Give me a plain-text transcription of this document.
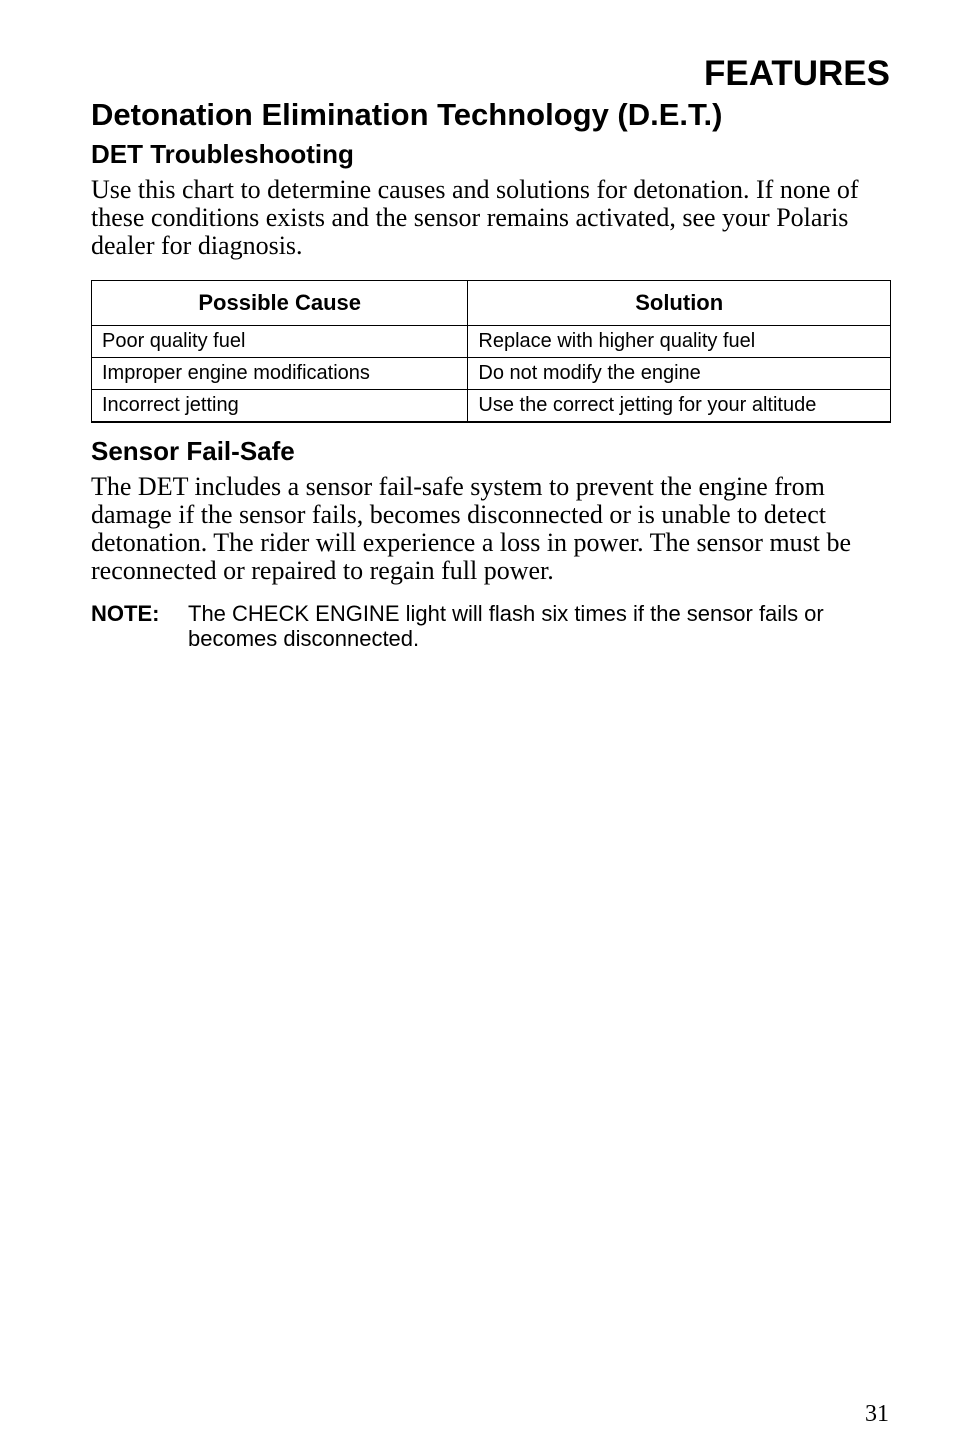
FEATURES
Detonation Elimination Technology (D.E.T.)
DET Troubleshooting

Use this chart to determine causes and solutions for detonation. If none of these conditions exists and the sensor remains activated, see your Polaris dealer for diagnosis.

Possible Cause	Solution
Poor quality fuel	Replace with higher quality fuel
Improper engine modifications	Do not modify the engine
Incorrect jetting	Use the correct jetting for your altitude
Sensor Fail-Safe

The DET includes a sensor fail-safe system to prevent the engine from damage if the sensor fails, becomes disconnected or is unable to detect detonation. The rider will experience a loss in power. The sensor must be reconnected or repaired to regain full power.

NOTE:	The CHECK ENGINE light will flash six times if the sensor fails or becomes disconnected.
31
